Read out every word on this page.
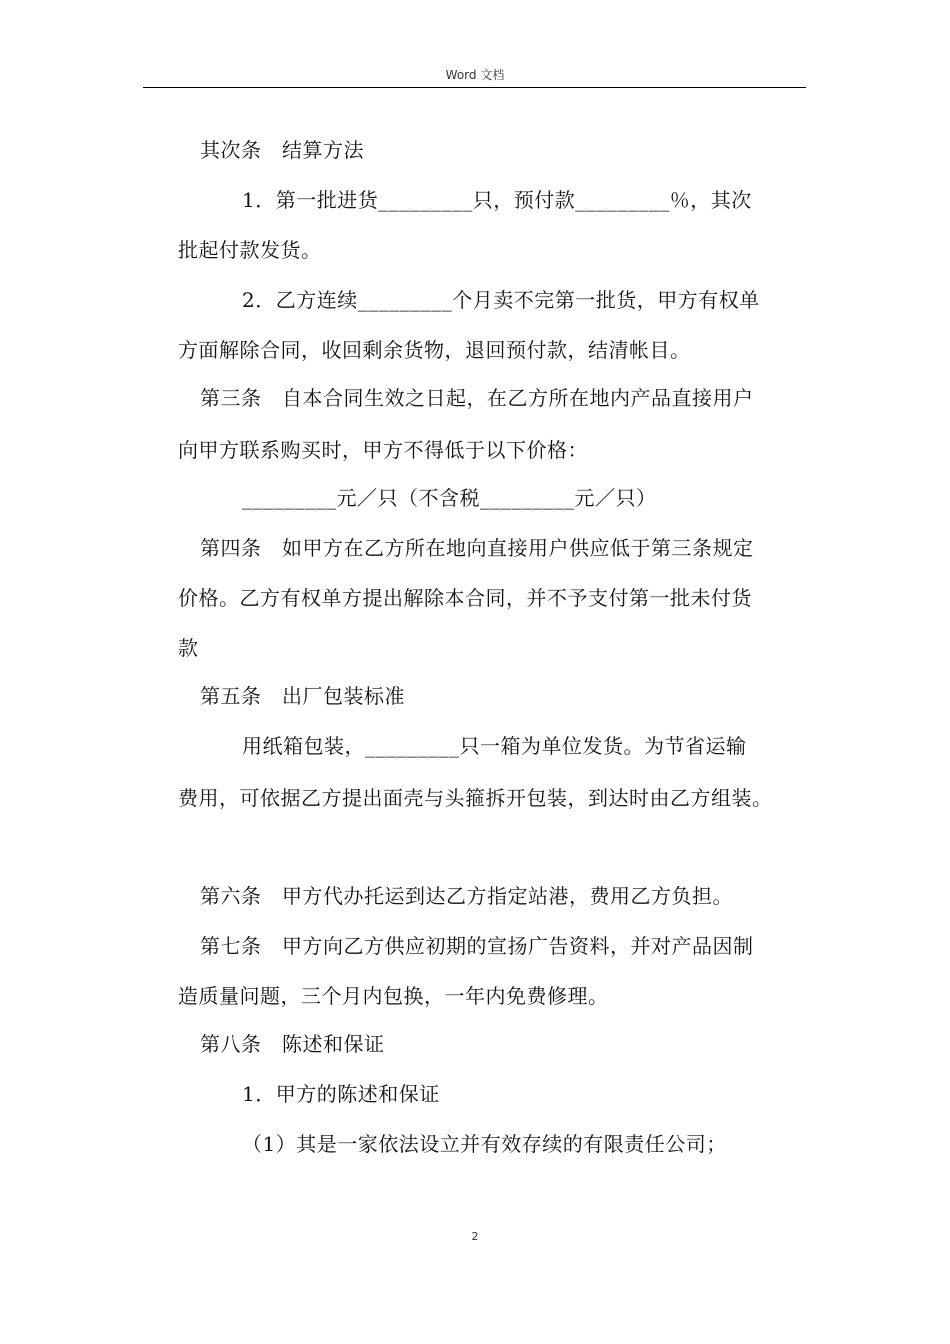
Word 文档
其次条　结算方法
1．第一批进货_________只，预付款_________％，其次
批起付款发货。
2．乙方连续_________个月卖不完第一批货，甲方有权单
方面解除合同，收回剩余货物，退回预付款，结清帐目。
第三条　自本合同生效之日起，在乙方所在地内产品直接用户
向甲方联系购买时，甲方不得低于以下价格：
_________元／只（不含税_________元／只）
第四条　如甲方在乙方所在地向直接用户供应低于第三条规定
价格。乙方有权单方提出解除本合同，并不予支付第一批未付货
款
第五条　出厂包装标准
用纸箱包装，_________只一箱为单位发货。为节省运输
费用，可依据乙方提出面壳与头箍拆开包装，到达时由乙方组装。
第六条　甲方代办托运到达乙方指定站港，费用乙方负担。
第七条　甲方向乙方供应初期的宣扬广告资料，并对产品因制
造质量问题，三个月内包换，一年内免费修理。
第八条　陈述和保证
1．甲方的陈述和保证
（1）其是一家依法设立并有效存续的有限责任公司；
2
